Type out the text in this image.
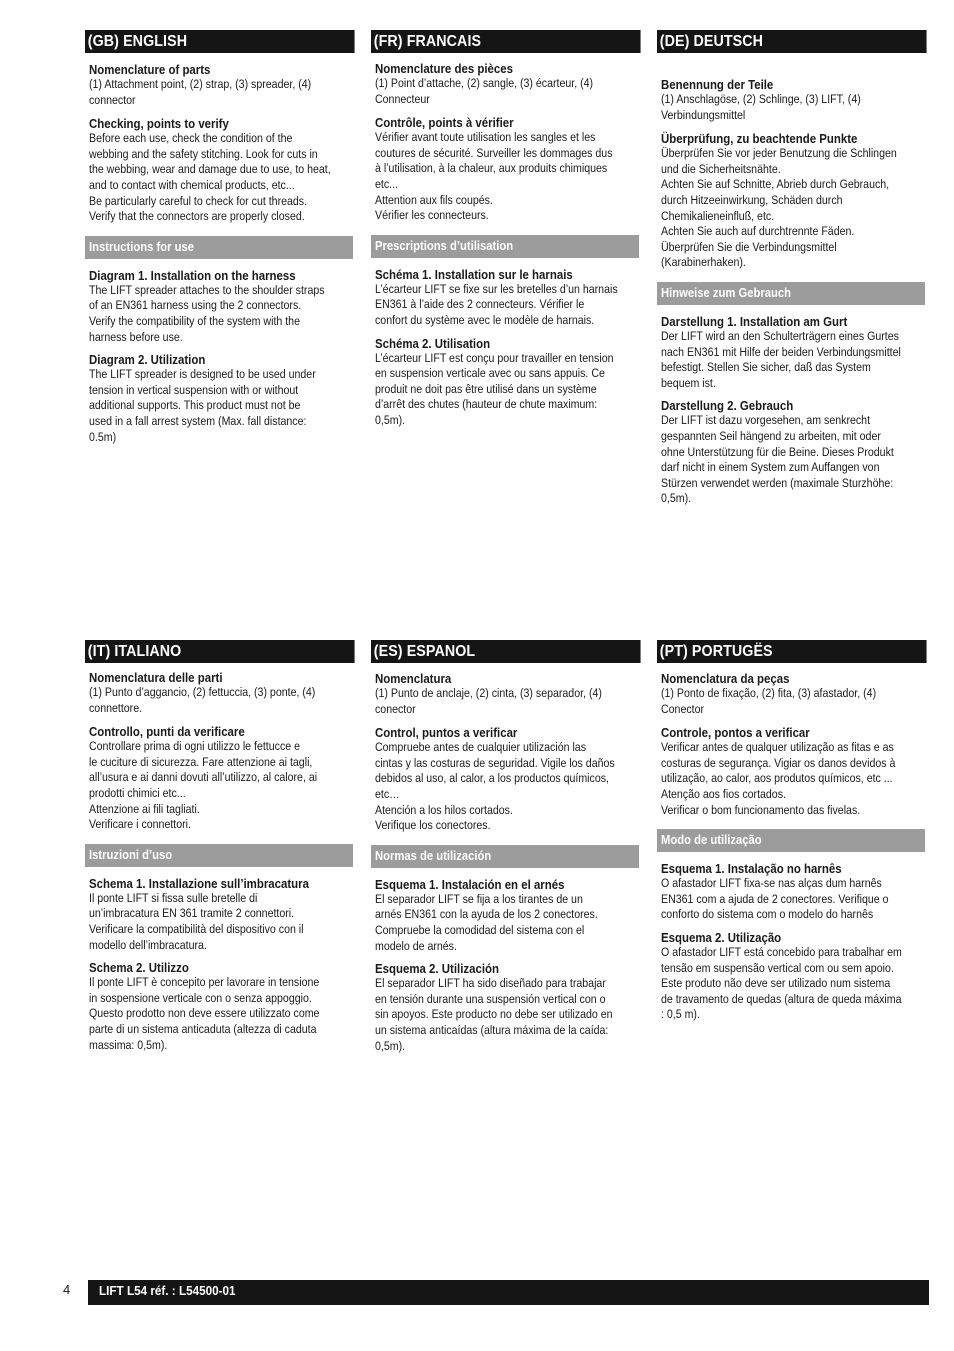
(GB) ENGLISH
Nomenclature of parts
(1) Attachment point, (2) strap, (3) spreader, (4)
connector
Checking, points to verify
Before each use, check the condition of the
webbing and the safety stitching. Look for cuts in
the webbing, wear and damage due to use, to heat,
and to contact with chemical products, etc...
Be particularly careful to check for cut threads.
Verify that the connectors are properly closed.
Instructions for use
Diagram 1. Installation on the harness
The LIFT spreader attaches to the shoulder straps
of an EN361 harness using the 2 connectors.
Verify the compatibility of the system with the
harness before use.
Diagram 2. Utilization
The LIFT spreader is designed to be used under
tension in vertical suspension with or without
additional supports. This product must not be
used in a fall arrest system (Max. fall distance:
0.5m)
(FR) FRANCAIS
Nomenclature des pièces
(1) Point d’attache, (2) sangle, (3) écarteur, (4)
Connecteur
Contrôle, points à vérifier
Vérifier avant toute utilisation les sangles et les
coutures de sécurité. Surveiller les dommages dus
à l’utilisation, à la chaleur, aux produits chimiques
etc...
Attention aux fils coupés.
Vérifier les connecteurs.
Prescriptions d’utilisation
Schéma 1. Installation sur le harnais
L’écarteur LIFT se fixe sur les bretelles d’un harnais
EN361 à l’aide des 2 connecteurs. Vérifier le
confort du système avec le modèle de harnais.
Schéma 2. Utilisation
L’écarteur LIFT est conçu pour travailler en tension
en suspension verticale avec ou sans appuis. Ce
produit ne doit pas être utilisé dans un système
d’arrêt des chutes (hauteur de chute maximum:
0,5m).
(DE) DEUTSCH
Benennung der Teile
(1) Anschlagöse, (2) Schlinge, (3) LIFT, (4)
Verbindungsmittel
Überprüfung, zu beachtende Punkte
Überprüfen Sie vor jeder Benutzung die Schlingen
und die Sicherheitsnähte.
Achten Sie auf Schnitte, Abrieb durch Gebrauch,
durch Hitzeeinwirkung, Schäden durch
Chemikalieneinfluß, etc.
Achten Sie auch auf durchtrennte Fäden.
Überprüfen Sie die Verbindungsmittel
(Karabinerhaken).
Hinweise zum Gebrauch
Darstellung 1. Installation am Gurt
Der LIFT wird an den Schulterträgern eines Gurtes
nach EN361 mit Hilfe der beiden Verbindungsmittel
befestigt. Stellen Sie sicher, daß das System
bequem ist.
Darstellung 2. Gebrauch
Der LIFT ist dazu vorgesehen, am senkrecht
gespannten Seil hängend zu arbeiten, mit oder
ohne Unterstützung für die Beine. Dieses Produkt
darf nicht in einem System zum Auffangen von
Stürzen verwendet werden (maximale Sturzhöhe:
0,5m).
(IT) ITALIANO
Nomenclatura delle parti
(1) Punto d’aggancio, (2) fettuccia, (3) ponte, (4)
connettore.
Controllo, punti da verificare
Controllare prima di ogni utilizzo le fettucce e
le cuciture di sicurezza. Fare attenzione ai tagli,
all’usura e ai danni dovuti all’utilizzo, al calore, ai
prodotti chimici etc...
Attenzione ai fili tagliati.
Verificare i connettori.
Istruzioni d’uso
Schema 1. Installazione sull’imbracatura
Il ponte LIFT si fissa sulle bretelle di
un’imbracatura EN 361 tramite 2 connettori.
Verificare la compatibilità del dispositivo con il
modello dell’imbracatura.
Schema 2. Utilizzo
Il ponte LIFT è concepito per lavorare in tensione
in sospensione verticale con o senza appoggio.
Questo prodotto non deve essere utilizzato come
parte di un sistema anticaduta (altezza di caduta
massima: 0,5m).
(ES) ESPANOL
Nomenclatura
(1) Punto de anclaje, (2) cinta, (3) separador, (4)
conector
Control, puntos a verificar
Compruebe antes de cualquier utilización las
cintas y las costuras de seguridad. Vigile los daños
debidos al uso, al calor, a los productos químicos,
etc…
Atención a los hilos cortados.
Verifique los conectores.
Normas de utilización
Esquema 1. Instalación en el arnés
El separador LIFT se fija a los tirantes de un
arnés EN361 con la ayuda de los 2 conectores.
Compruebe la comodidad del sistema con el
modelo de arnés.
Esquema 2. Utilización
El separador LIFT ha sido diseñado para trabajar
en tensión durante una suspensión vertical con o
sin apoyos. Este producto no debe ser utilizado en
un sistema anticaídas (altura máxima de la caída:
0,5m).
(PT) PORTUGËS
Nomenclatura da peças
(1) Ponto de fixação, (2) fita, (3) afastador, (4)
Conector
Controle, pontos a verificar
Verificar antes de qualquer utilização as fitas e as
costuras de segurança. Vigiar os danos devidos à
utilização, ao calor, aos produtos químicos, etc ...
Atenção aos fios cortados.
Verificar o bom funcionamento das fivelas.
Modo de utilização
Esquema 1. Instalação no harnês
O afastador LIFT fixa-se nas alças dum harnês
EN361 com a ajuda de 2 conectores. Verifique o
conforto do sistema com o modelo do harnês
Esquema 2. Utilização
O afastador LIFT está concebido para trabalhar em
tensão em suspensão vertical com ou sem apoio.
Este produto não deve ser utilizado num sistema
de travamento de quedas (altura de queda máxima
: 0,5 m).
4	LIFT L54 réf. : L54500-01
